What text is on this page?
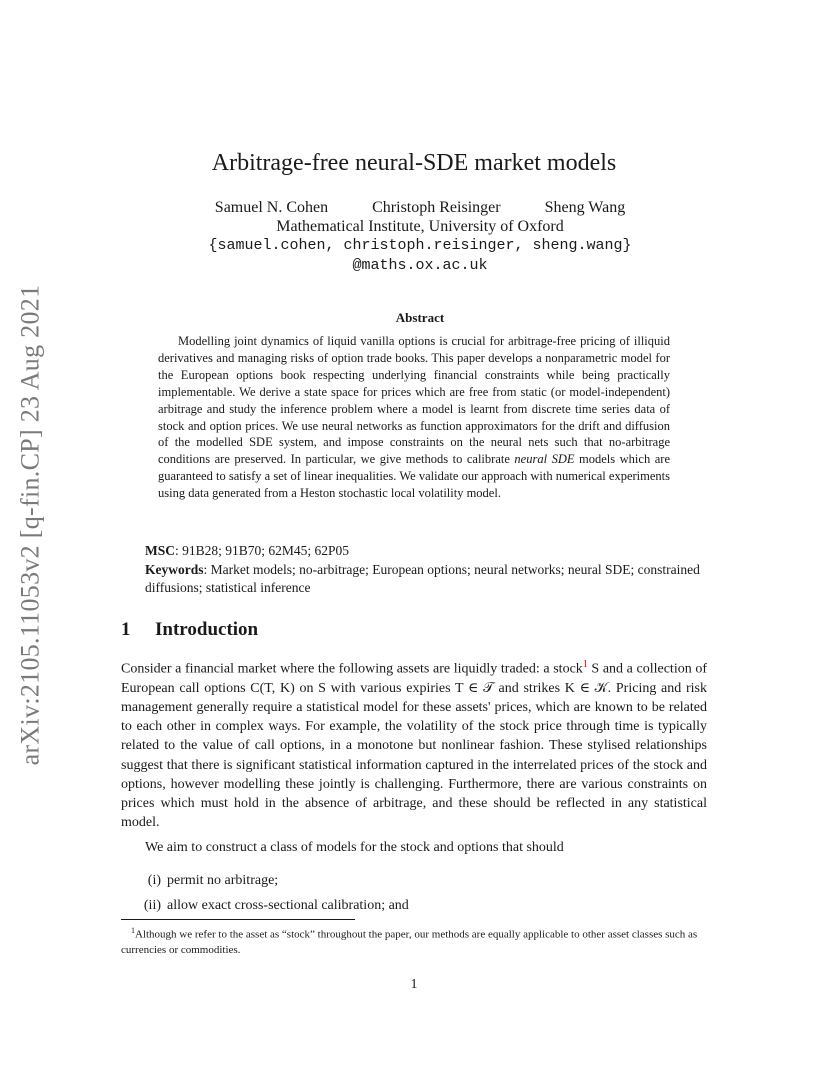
arXiv:2105.11053v2 [q-fin.CP] 23 Aug 2021
Arbitrage-free neural-SDE market models
Samuel N. Cohen	Christoph Reisinger	Sheng Wang
Mathematical Institute, University of Oxford
{samuel.cohen, christoph.reisinger, sheng.wang}
@maths.ox.ac.uk
Abstract

Modelling joint dynamics of liquid vanilla options is crucial for arbitrage-free pricing of illiquid derivatives and managing risks of option trade books. This paper develops a nonparametric model for the European options book respecting underlying financial constraints while being practically implementable. We derive a state space for prices which are free from static (or model-independent) arbitrage and study the inference problem where a model is learnt from discrete time series data of stock and option prices. We use neural networks as function approximators for the drift and diffusion of the modelled SDE system, and impose constraints on the neural nets such that no-arbitrage conditions are preserved. In particular, we give methods to calibrate neural SDE models which are guaranteed to satisfy a set of linear inequalities. We validate our approach with numerical experiments using data generated from a Heston stochastic local volatility model.

MSC: 91B28; 91B70; 62M45; 62P05

Keywords: Market models; no-arbitrage; European options; neural networks; neural SDE; constrained diffusions; statistical inference

1 Introduction

Consider a financial market where the following assets are liquidly traded: a stock$^1$ S and a collection of European call options C(T, K) on S with various expiries T ∈ 𝒯 and strikes K ∈ 𝒦. Pricing and risk management generally require a statistical model for these assets' prices, which are known to be related to each other in complex ways. For example, the volatility of the stock price through time is typically related to the value of call options, in a monotone but nonlinear fashion. These stylised relationships suggest that there is significant statistical information captured in the interrelated prices of the stock and options, however modelling these jointly is challenging. Furthermore, there are various constraints on prices which must hold in the absence of arbitrage, and these should be reflected in any statistical model.

We aim to construct a class of models for the stock and options that should

(i) permit no arbitrage;
(ii) allow exact cross-sectional calibration; and

$^1$Although we refer to the asset as “stock” throughout the paper, our methods are equally applicable to other asset classes such as currencies or commodities.

1
